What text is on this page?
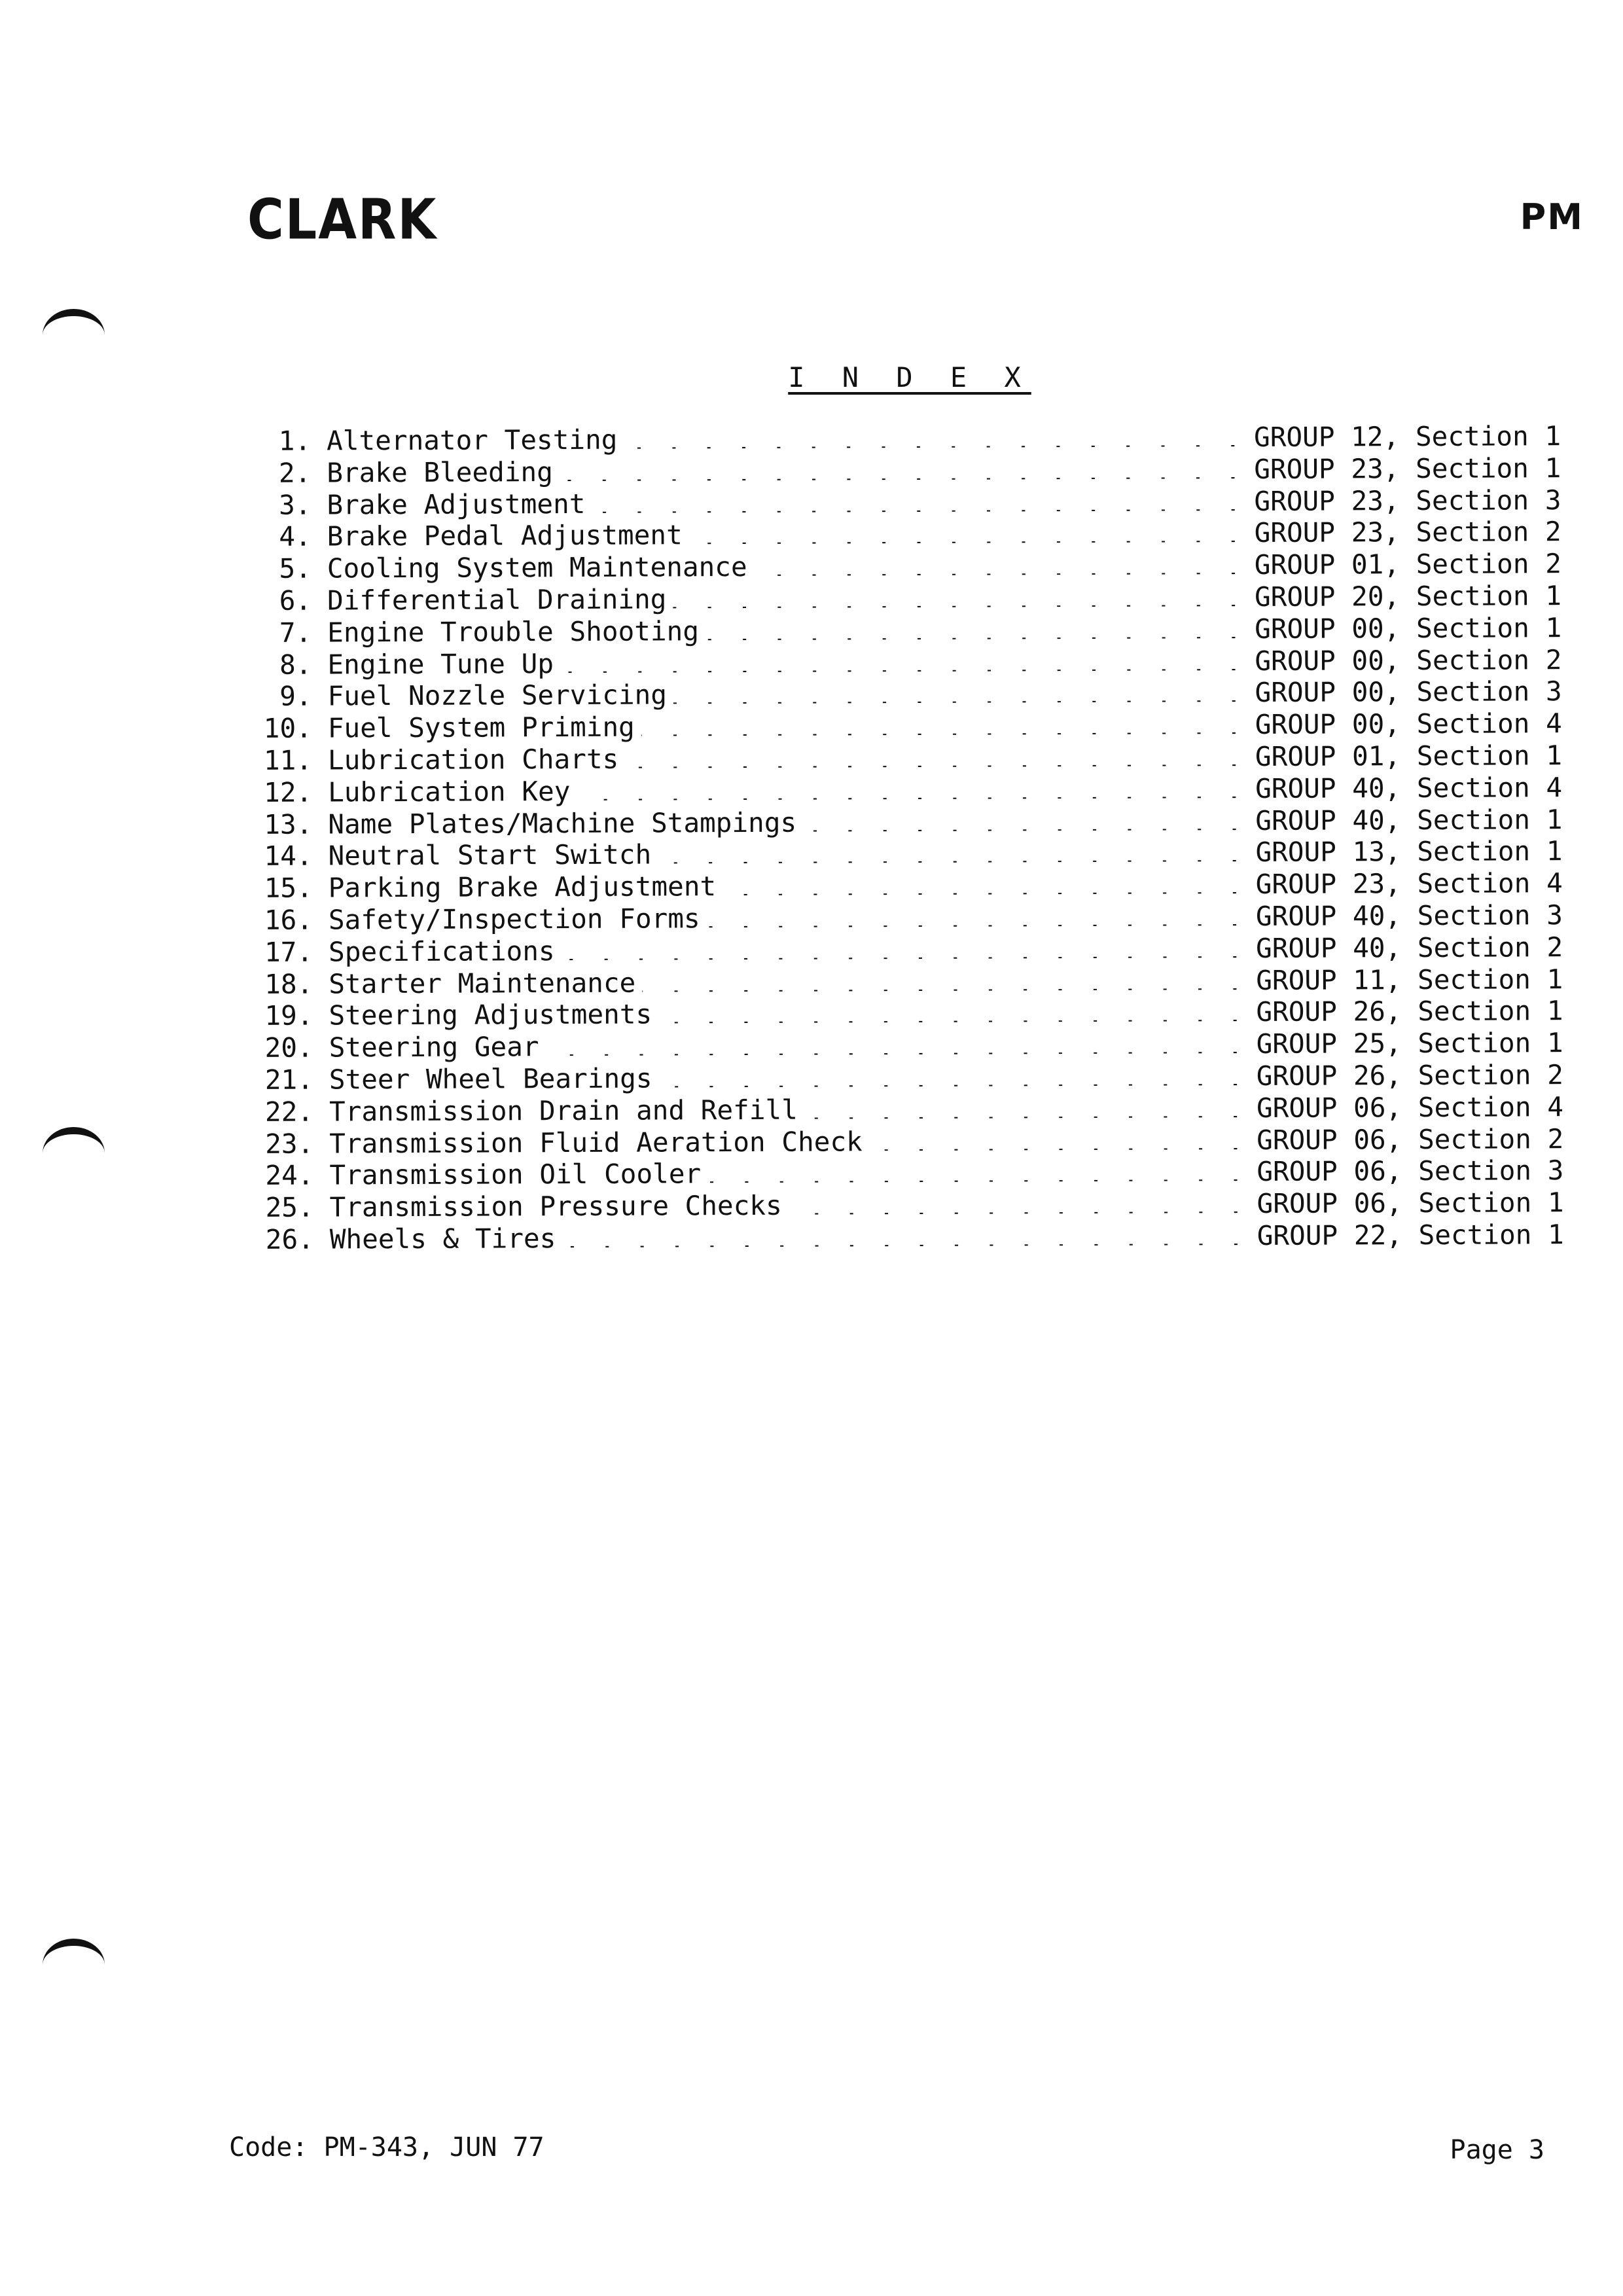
CLARK	PM
I N D E X
1. Alternator Testing . . .	GROUP 12, Section 1
2. Brake Bleeding . . .	GROUP 23, Section 1
3. Brake Adjustment . . .	GROUP 23, Section 3
4. Brake Pedal Adjustment . . .	GROUP 23, Section 2
5. Cooling System Maintenance . . .	GROUP 01, Section 2
6. Differential Draining . . .	GROUP 20, Section 1
7. Engine Trouble Shooting . . .	GROUP 00, Section 1
8. Engine Tune Up . . .	GROUP 00, Section 2
9. Fuel Nozzle Servicing . . .	GROUP 00, Section 3
10. Fuel System Priming . . .	GROUP 00, Section 4
11. Lubrication Charts . . .	GROUP 01, Section 1
12. Lubrication Key . . .	GROUP 40, Section 4
13. Name Plates/Machine Stampings . . .	GROUP 40, Section 1
14. Neutral Start Switch . . .	GROUP 13, Section 1
15. Parking Brake Adjustment . . .	GROUP 23, Section 4
16. Safety/Inspection Forms . . .	GROUP 40, Section 3
17. Specifications . . .	GROUP 40, Section 2
18. Starter Maintenance . . .	GROUP 11, Section 1
19. Steering Adjustments . . .	GROUP 26, Section 1
20. Steering Gear . . .	GROUP 25, Section 1
21. Steer Wheel Bearings . . .	GROUP 26, Section 2
22. Transmission Drain and Refill . . .	GROUP 06, Section 4
23. Transmission Fluid Aeration Check . . .	GROUP 06, Section 2
24. Transmission Oil Cooler . . .	GROUP 06, Section 3
25. Transmission Pressure Checks . . .	GROUP 06, Section 1
26. Wheels & Tires . . .	GROUP 22, Section 1
Code: PM-343, JUN 77	Page 3
